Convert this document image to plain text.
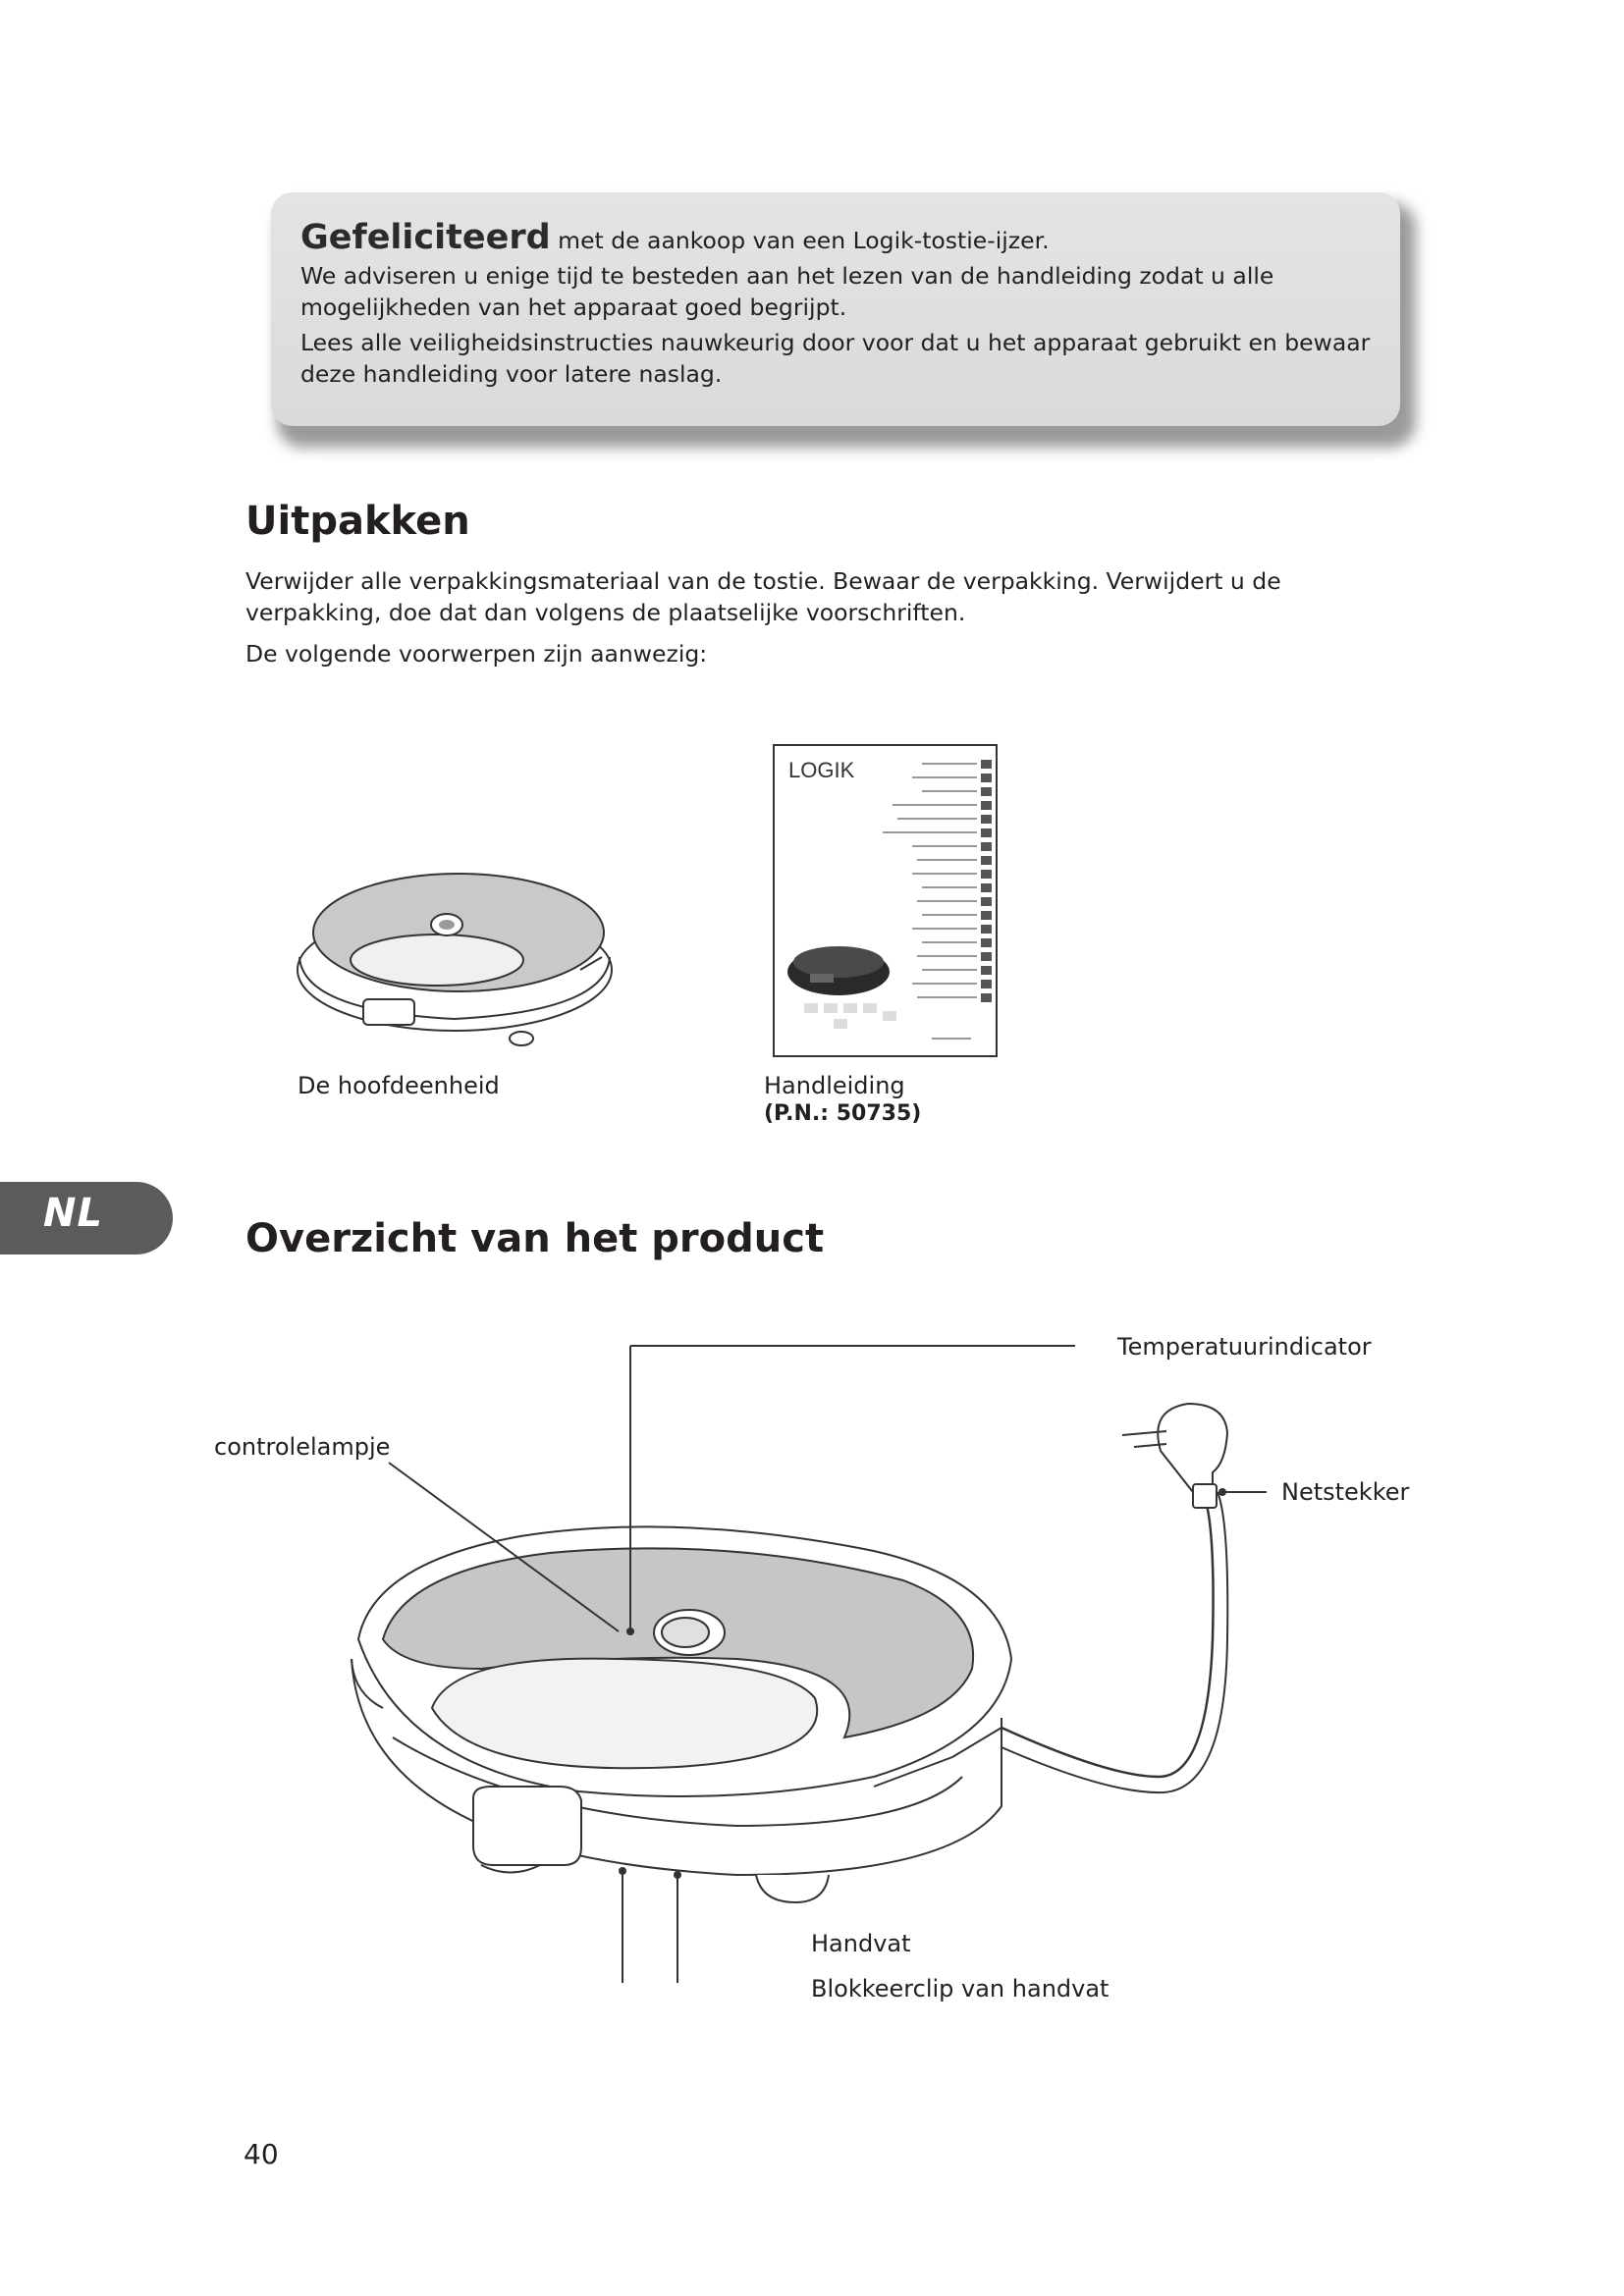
Gefeliciteerd met de aankoop van een Logik-tostie-ijzer.

We adviseren u enige tijd te besteden aan het lezen van de handleiding zodat u alle mogelijkheden van het apparaat goed begrijpt.

Lees alle veiligheidsinstructies nauwkeurig door voor dat u het apparaat gebruikt en bewaar deze handleiding voor latere naslag.

Uitpakken

Verwijder alle verpakkingsmateriaal van de tostie. Bewaar de verpakking. Verwijdert u de verpakking, doe dat dan volgens de plaatselijke voorschriften.

De volgende voorwerpen zijn aanwezig:

De hoofdeenheid
LOGIK
Handleiding
(P.N.: 50735)
NL
Overzicht van het product
Temperatuurindicator
controlelampje
Netstekker
Handvat
Blokkeerclip van handvat
40
